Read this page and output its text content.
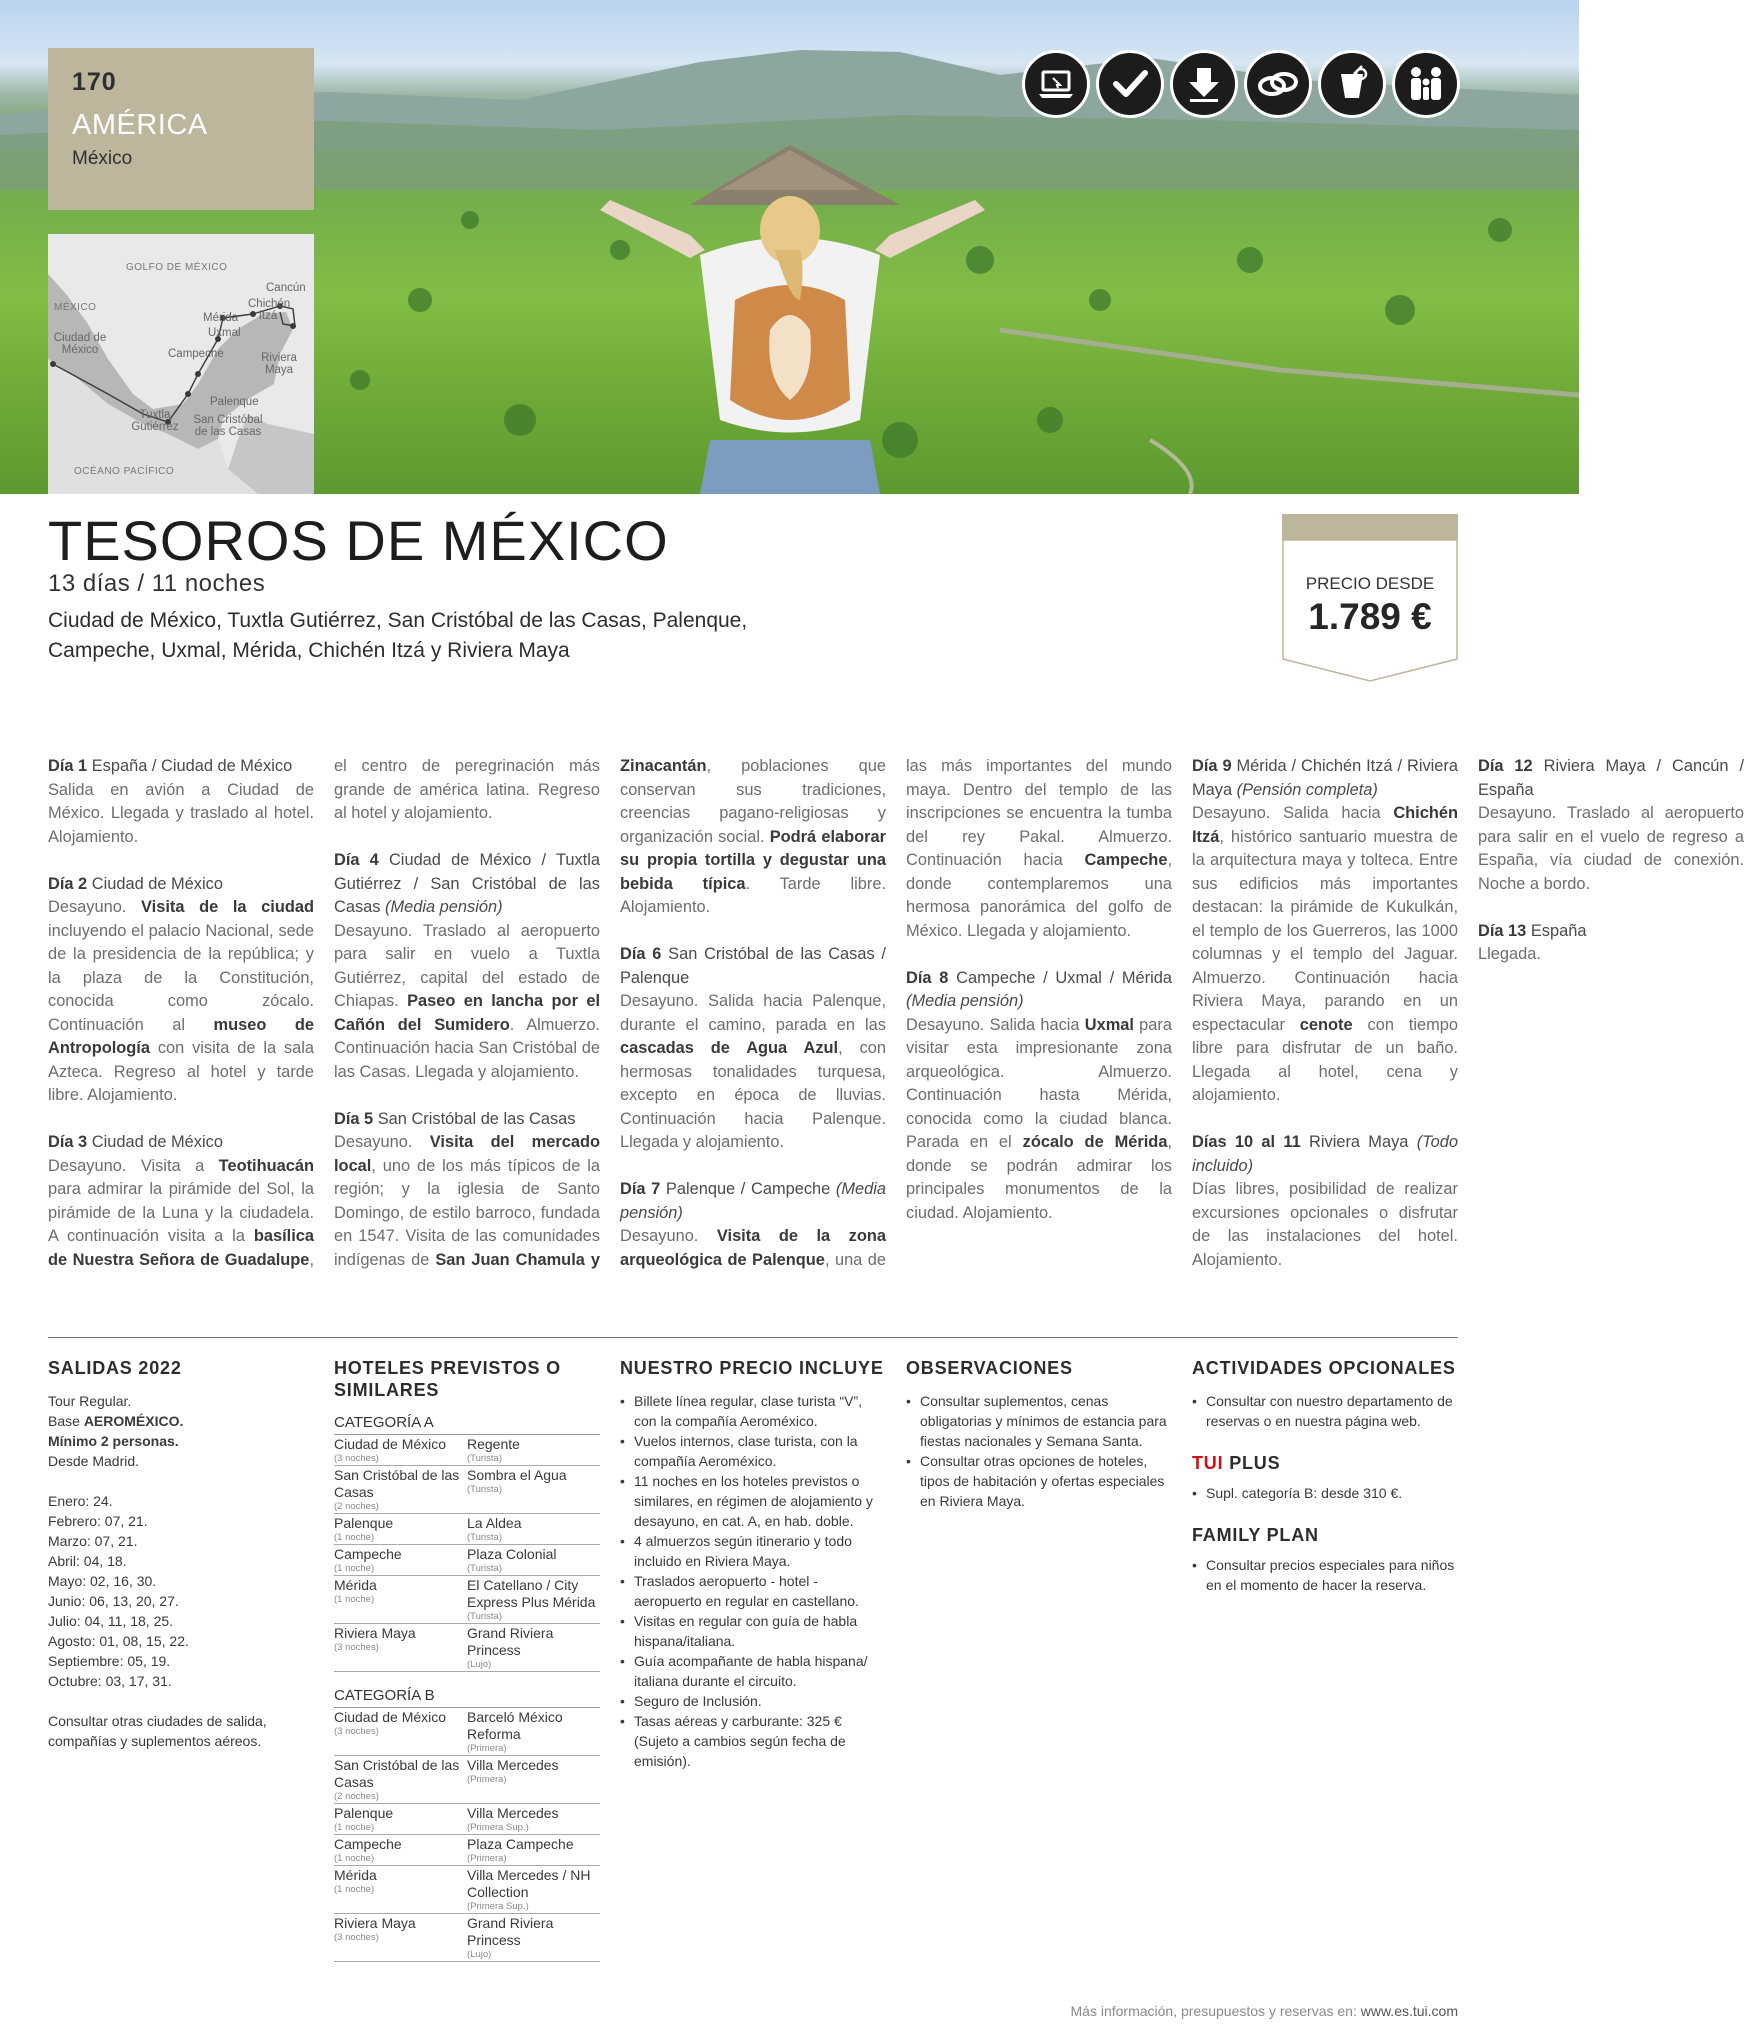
170
AMÉRICA
México
GOLFO DE MÉXICO
Cancún
MÉXICO	Chichén Itzá
Mérida
Ciudad de México
Uxmal
Campeche	Riviera Maya
Palenque
Tuxtla Gutiérrez
San Cristóbal de las Casas
OCÉANO PACÍFICO
TESOROS DE MÉXICO
13 días / 11 noches
Ciudad de México, Tuxtla Gutiérrez, San Cristóbal de las Casas, Palenque, Campeche, Uxmal, Mérida, Chichén Itzá y Riviera Maya
PRECIO DESDE
1.789 €
Día 1 España / Ciudad de México
Salida en avión a Ciudad de México. Llegada y traslado al hotel. Alojamiento.
Día 2 Ciudad de México
Desayuno. Visita de la ciudad incluyendo el palacio Nacional, sede de la presidencia de la república; y la plaza de la Constitución, conocida como zócalo. Continuación al museo de Antropología con visita de la sala Azteca. Regreso al hotel y tarde libre. Alojamiento.
Día 3 Ciudad de México
Desayuno. Visita a Teotihuacán para admirar la pirámide del Sol, la pirámide de la Luna y la ciudadela. A continuación visita a la basílica de Nuestra Señora de Guadalupe, el centro de peregrinación más grande de américa latina. Regreso al hotel y alojamiento.
Día 4 Ciudad de México / Tuxtla Gutiérrez / San Cristóbal de las Casas (Media pensión)
Desayuno. Traslado al aeropuerto para salir en vuelo a Tuxtla Gutiérrez, capital del estado de Chiapas. Paseo en lancha por el Cañón del Sumidero. Almuerzo. Continuación hacia San Cristóbal de las Casas. Llegada y alojamiento.
Día 5 San Cristóbal de las Casas
Desayuno. Visita del mercado local, uno de los más típicos de la región; y la iglesia de Santo Domingo, de estilo barroco, fundada en 1547. Visita de las comunidades indígenas de San Juan Chamula y Zinacantán, poblaciones que conservan sus tradiciones, creencias pagano-religiosas y organización social. Podrá elaborar su propia tortilla y degustar una bebida típica. Tarde libre. Alojamiento.
Día 6 San Cristóbal de las Casas / Palenque
Desayuno. Salida hacia Palenque, durante el camino, parada en las cascadas de Agua Azul, con hermosas tonalidades turquesa, excepto en época de lluvias. Continuación hacia Palenque. Llegada y alojamiento.
Día 7 Palenque / Campeche (Media pensión)
Desayuno. Visita de la zona arqueológica de Palenque, una de las más importantes del mundo maya. Dentro del templo de las inscripciones se encuentra la tumba del rey Pakal. Almuerzo. Continuación hacia Campeche, donde contemplaremos una hermosa panorámica del golfo de México. Llegada y alojamiento.
Día 8 Campeche / Uxmal / Mérida (Media pensión)
Desayuno. Salida hacia Uxmal para visitar esta impresionante zona arqueológica. Almuerzo. Continuación hasta Mérida, conocida como la ciudad blanca. Parada en el zócalo de Mérida, donde se podrán admirar los principales monumentos de la ciudad. Alojamiento.
Día 9 Mérida / Chichén Itzá / Riviera Maya (Pensión completa)
Desayuno. Salida hacia Chichén Itzá, histórico santuario muestra de la arquitectura maya y tolteca. Entre sus edificios más importantes destacan: la pirámide de Kukulkán, el templo de los Guerreros, las 1000 columnas y el templo del Jaguar. Almuerzo. Continuación hacia Riviera Maya, parando en un espectacular cenote con tiempo libre para disfrutar de un baño. Llegada al hotel, cena y alojamiento.
Días 10 al 11 Riviera Maya (Todo incluido)
Días libres, posibilidad de realizar excursiones opcionales o disfrutar de las instalaciones del hotel. Alojamiento.
Día 12 Riviera Maya / Cancún / España
Desayuno. Traslado al aeropuerto para salir en el vuelo de regreso a España, vía ciudad de conexión. Noche a bordo.
Día 13 España
Llegada.
SALIDAS 2022

Tour Regular.

Base AEROMÉXICO.

Mínimo 2 personas.

Desde Madrid.

Enero: 24.

Febrero: 07, 21.

Marzo: 07, 21.

Abril: 04, 18.

Mayo: 02, 16, 30.

Junio: 06, 13, 20, 27.

Julio: 04, 11, 18, 25.

Agosto: 01, 08, 15, 22.

Septiembre: 05, 19.

Octubre: 03, 17, 31.

Consultar otras ciudades de salida, compañías y suplementos aéreos.

HOTELES PREVISTOS O SIMILARES
CATEGORÍA A
Ciudad de México
(3 noches)	Regente
(Turista)

San Cristóbal de las Casas
(2 noches)	Sombra el Agua
(Turista)

Palenque
(1 noche)	La Aldea
(Turista)

Campeche
(1 noche)	Plaza Colonial
(Turista)

Mérida
(1 noche)	El Catellano / City Express Plus Mérida
(Turista)

Riviera Maya
(3 noches)	Grand Riviera Princess
(Lujo)
CATEGORÍA B
Ciudad de México
(3 noches)	Barceló México Reforma
(Primera)

San Cristóbal de las Casas
(2 noches)	Villa Mercedes
(Primera)

Palenque
(1 noche)	Villa Mercedes
(Primera Sup.)

Campeche
(1 noche)	Plaza Campeche
(Primera)

Mérida
(1 noche)	Villa Mercedes / NH Collection
(Primera Sup.)

Riviera Maya
(3 noches)	Grand Riviera Princess
(Lujo)
NUESTRO PRECIO INCLUYE
• Billete línea regular, clase turista “V”, con la compañía Aeroméxico.
• Vuelos internos, clase turista, con la compañía Aeroméxico.
• 11 noches en los hoteles previstos o similares, en régimen de alojamiento y desayuno, en cat. A, en hab. doble.
• 4 almuerzos según itinerario y todo incluido en Riviera Maya.
• Traslados aeropuerto - hotel - aeropuerto en regular en castellano.
• Visitas en regular con guía de habla hispana/italiana.
• Guía acompañante de habla hispana/ italiana durante el circuito.
• Seguro de Inclusión.
• Tasas aéreas y carburante: 325 € (Sujeto a cambios según fecha de emisión).
OBSERVACIONES
• Consultar suplementos, cenas obligatorias y mínimos de estancia para fiestas nacionales y Semana Santa.
• Consultar otras opciones de hoteles, tipos de habitación y ofertas especiales en Riviera Maya.
ACTIVIDADES OPCIONALES
• Consultar con nuestro departamento de reservas o en nuestra página web.
TUI PLUS
• Supl. categoría B: desde 310 €.
FAMILY PLAN
• Consultar precios especiales para niños en el momento de hacer la reserva.
Más información, presupuestos y reservas en: www.es.tui.com
